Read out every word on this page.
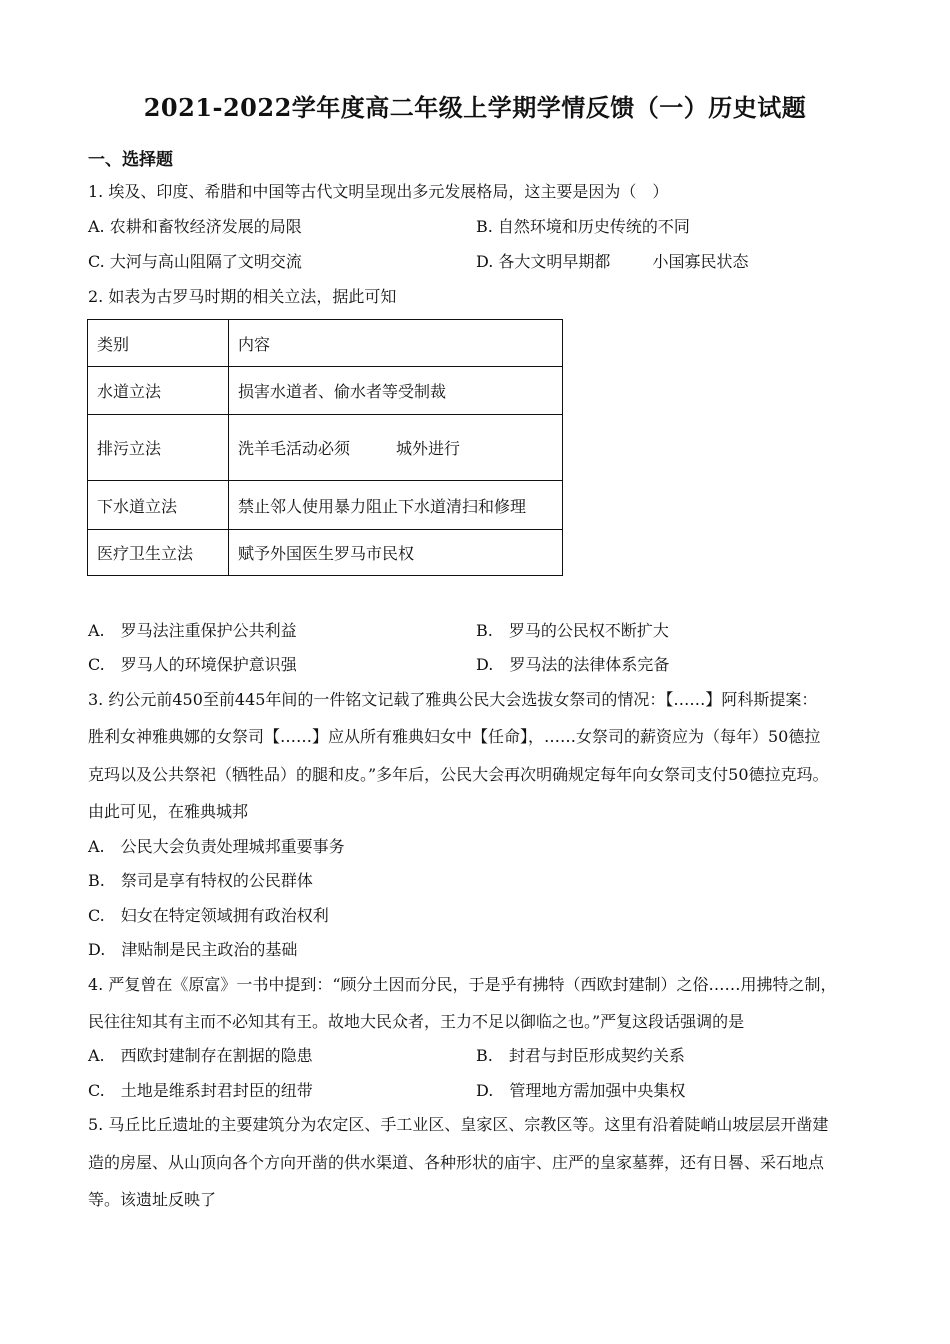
2021-2022学年度高二年级上学期学情反馈（一）历史试题
一、选择题
1. 埃及、印度、希腊和中国等古代文明呈现出多元发展格局，这主要是因为（　）
A. 农耕和畜牧经济发展的局限	B. 自然环境和历史传统的不同
C. 大河与高山阻隔了文明交流	D. 各大文明早期都	小国寡民状态
2. 如表为古罗马时期的相关立法，据此可知
类别	内容
水道立法	损害水道者、偷水者等受制裁
排污立法	洗羊毛活动必须 城外进行
下水道立法	禁止邻人使用暴力阻止下水道清扫和修理
医疗卫生立法	赋予外国医生罗马市民权
A.　罗马法注重保护公共利益	B.　罗马的公民权不断扩大
C.　罗马人的环境保护意识强	D.　罗马法的法律体系完备
3. 约公元前450至前445年间的一件铭文记载了雅典公民大会选拔女祭司的情况：【……】阿科斯提案：
胜利女神雅典娜的女祭司【……】应从所有雅典妇女中【任命】，……女祭司的薪资应为（每年）50德拉
克玛以及公共祭祀（牺牲品）的腿和皮。”多年后，公民大会再次明确规定每年向女祭司支付50德拉克玛。
由此可见，在雅典城邦
A.　公民大会负责处理城邦重要事务
B.　祭司是享有特权的公民群体
C.　妇女在特定领域拥有政治权利
D.　津贴制是民主政治的基础
4. 严复曾在《原富》一书中提到：“顾分土因而分民，于是乎有拂特（西欧封建制）之俗……用拂特之制，
民往往知其有主而不必知其有王。故地大民众者，王力不足以御临之也。”严复这段话强调的是
A.　西欧封建制存在割据的隐患	B.　封君与封臣形成契约关系
C.　土地是维系封君封臣的纽带	D.　管理地方需加强中央集权
5. 马丘比丘遗址的主要建筑分为农定区、手工业区、皇家区、宗教区等。这里有沿着陡峭山坡层层开凿建
造的房屋、从山顶向各个方向开凿的供水渠道、各种形状的庙宇、庄严的皇家墓葬，还有日晷、采石地点
等。该遗址反映了
